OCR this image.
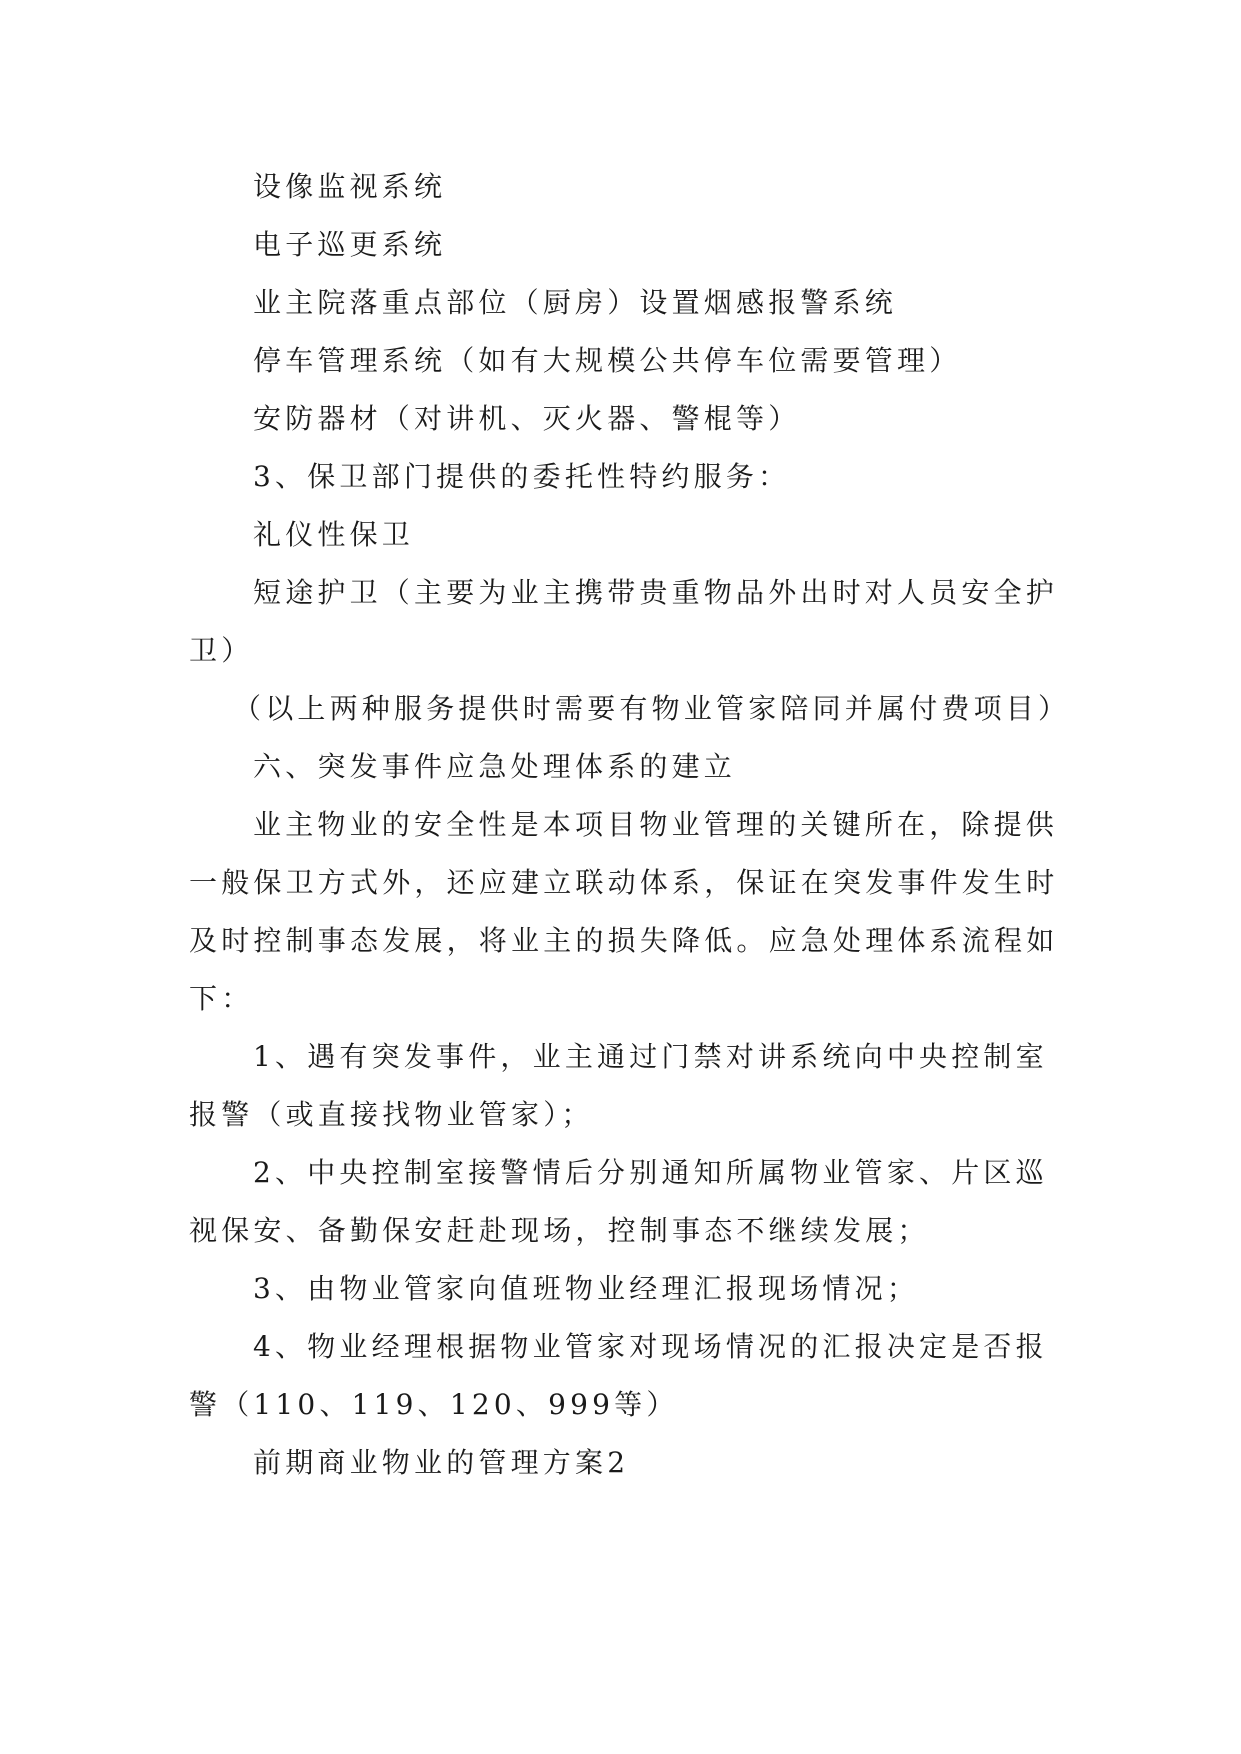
设像监视系统

电子巡更系统

业主院落重点部位（厨房）设置烟感报警系统

停车管理系统（如有大规模公共停车位需要管理）

安防器材（对讲机、灭火器、警棍等）

3、保卫部门提供的委托性特约服务：

礼仪性保卫

短途护卫（主要为业主携带贵重物品外出时对人员安全护卫）

（以上两种服务提供时需要有物业管家陪同并属付费项目）

六、突发事件应急处理体系的建立

业主物业的安全性是本项目物业管理的关键所在，除提供一般保卫方式外，还应建立联动体系，保证在突发事件发生时及时控制事态发展，将业主的损失降低。应急处理体系流程如下：

1、遇有突发事件，业主通过门禁对讲系统向中央控制室报警（或直接找物业管家）；

2、中央控制室接警情后分别通知所属物业管家、片区巡视保安、备勤保安赶赴现场，控制事态不继续发展；

3、由物业管家向值班物业经理汇报现场情况；

4、物业经理根据物业管家对现场情况的汇报决定是否报警（110、119、120、999等）

前期商业物业的管理方案2
